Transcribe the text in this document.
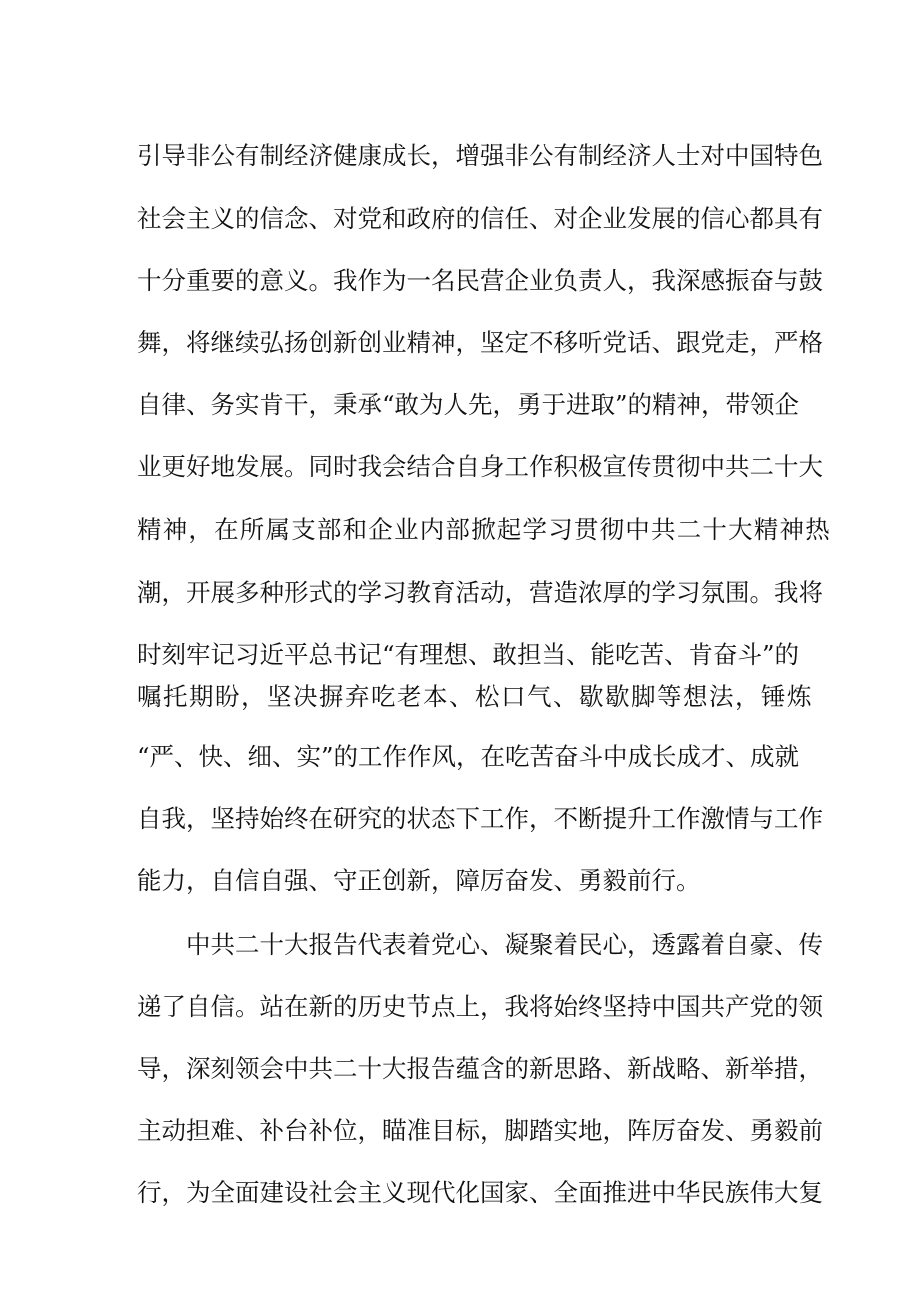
引导非公有制经济健康成长，增强非公有制经济人士对中国特色
社会主义的信念、对党和政府的信任、对企业发展的信心都具有
十分重要的意义。我作为一名民营企业负责人，我深感振奋与鼓
舞，将继续弘扬创新创业精神，坚定不移听党话、跟党走，严格
自律、务实肯干，秉承“敢为人先，勇于进取”的精神，带领企
业更好地发展。同时我会结合自身工作积极宣传贯彻中共二十大
精神，在所属支部和企业内部掀起学习贯彻中共二十大精神热
潮，开展多种形式的学习教育活动，营造浓厚的学习氛围。我将
时刻牢记习近平总书记“有理想、敢担当、能吃苦、肯奋斗”的
嘱托期盼，坚决摒弃吃老本、松口气、歇歇脚等想法，锤炼
“严、快、细、实”的工作作风，在吃苦奋斗中成长成才、成就
自我，坚持始终在研究的状态下工作，不断提升工作激情与工作
能力，自信自强、守正创新，障厉奋发、勇毅前行。
中共二十大报告代表着党心、凝聚着民心，透露着自豪、传
递了自信。站在新的历史节点上，我将始终坚持中国共产党的领
导，深刻领会中共二十大报告蕴含的新思路、新战略、新举措，
主动担难、补台补位，瞄准目标，脚踏实地，阵厉奋发、勇毅前
行，为全面建设社会主义现代化国家、全面推进中华民族伟大复
